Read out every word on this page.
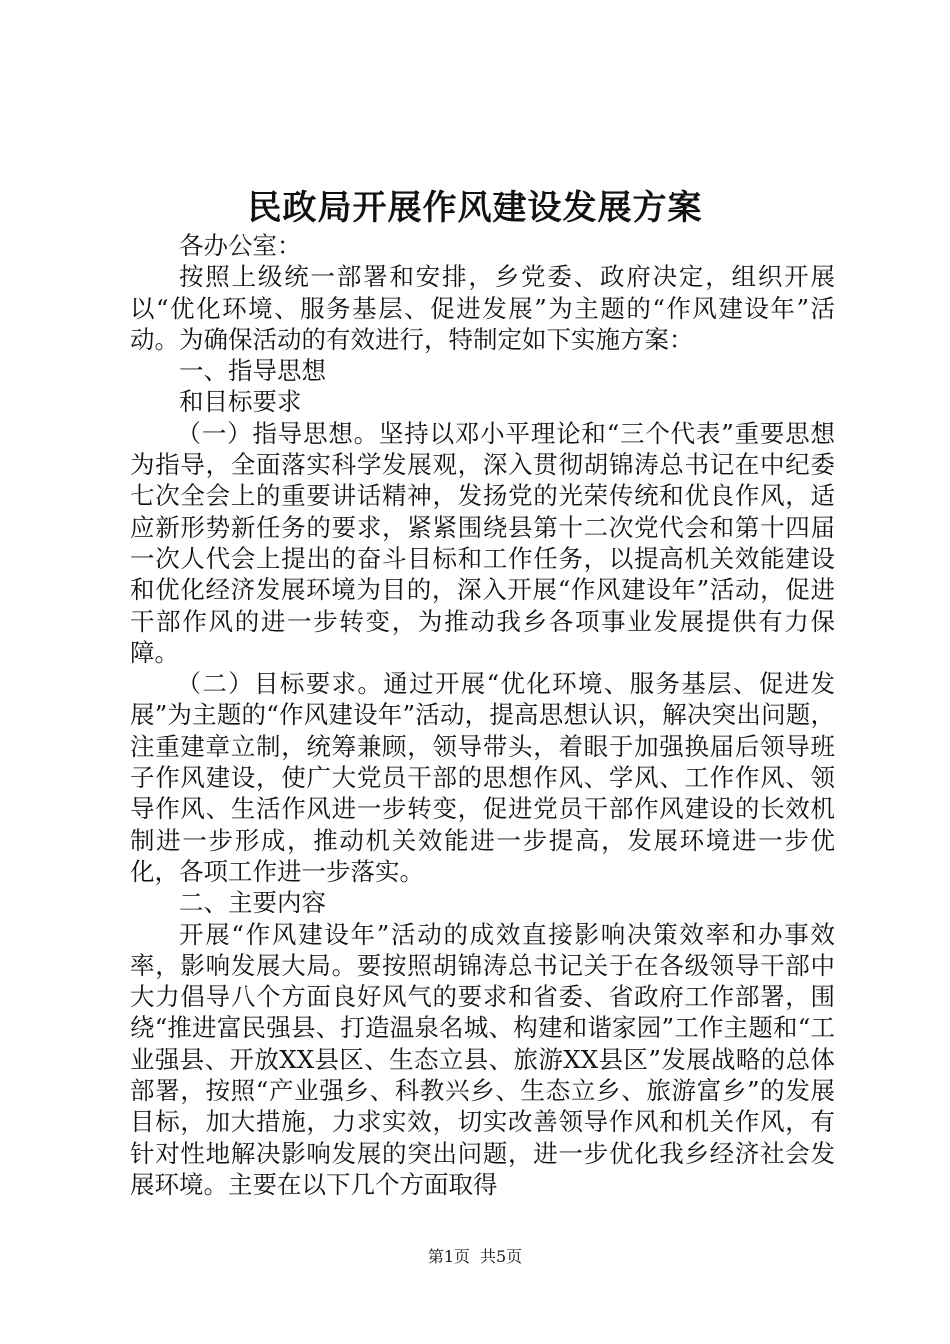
民政局开展作风建设发展方案

各办公室：

按照上级统一部署和安排，乡党委、政府决定，组织开展以“优化环境、服务基层、促进发展”为主题的“作风建设年”活动。为确保活动的有效进行，特制定如下实施方案：

一、指导思想

和目标要求

（一）指导思想。坚持以邓小平理论和“三个代表”重要思想为指导，全面落实科学发展观，深入贯彻胡锦涛总书记在中纪委七次全会上的重要讲话精神，发扬党的光荣传统和优良作风，适应新形势新任务的要求，紧紧围绕县第十二次党代会和第十四届一次人代会上提出的奋斗目标和工作任务，以提高机关效能建设和优化经济发展环境为目的，深入开展“作风建设年”活动，促进干部作风的进一步转变，为推动我乡各项事业发展提供有力保障。

（二）目标要求。通过开展“优化环境、服务基层、促进发展”为主题的“作风建设年”活动，提高思想认识，解决突出问题，注重建章立制，统筹兼顾，领导带头，着眼于加强换届后领导班子作风建设，使广大党员干部的思想作风、学风、工作作风、领导作风、生活作风进一步转变，促进党员干部作风建设的长效机制进一步形成，推动机关效能进一步提高，发展环境进一步优化，各项工作进一步落实。

二、主要内容

开展“作风建设年”活动的成效直接影响决策效率和办事效率，影响发展大局。要按照胡锦涛总书记关于在各级领导干部中大力倡导八个方面良好风气的要求和省委、省政府工作部署，围绕“推进富民强县、打造温泉名城、构建和谐家园”工作主题和“工业强县、开放XX县区、生态立县、旅游XX县区”发展战略的总体部署，按照“产业强乡、科教兴乡、生态立乡、旅游富乡”的发展目标，加大措施，力求实效，切实改善领导作风和机关作风，有针对性地解决影响发展的突出问题，进一步优化我乡经济社会发展环境。主要在以下几个方面取得

第1页 共5页
